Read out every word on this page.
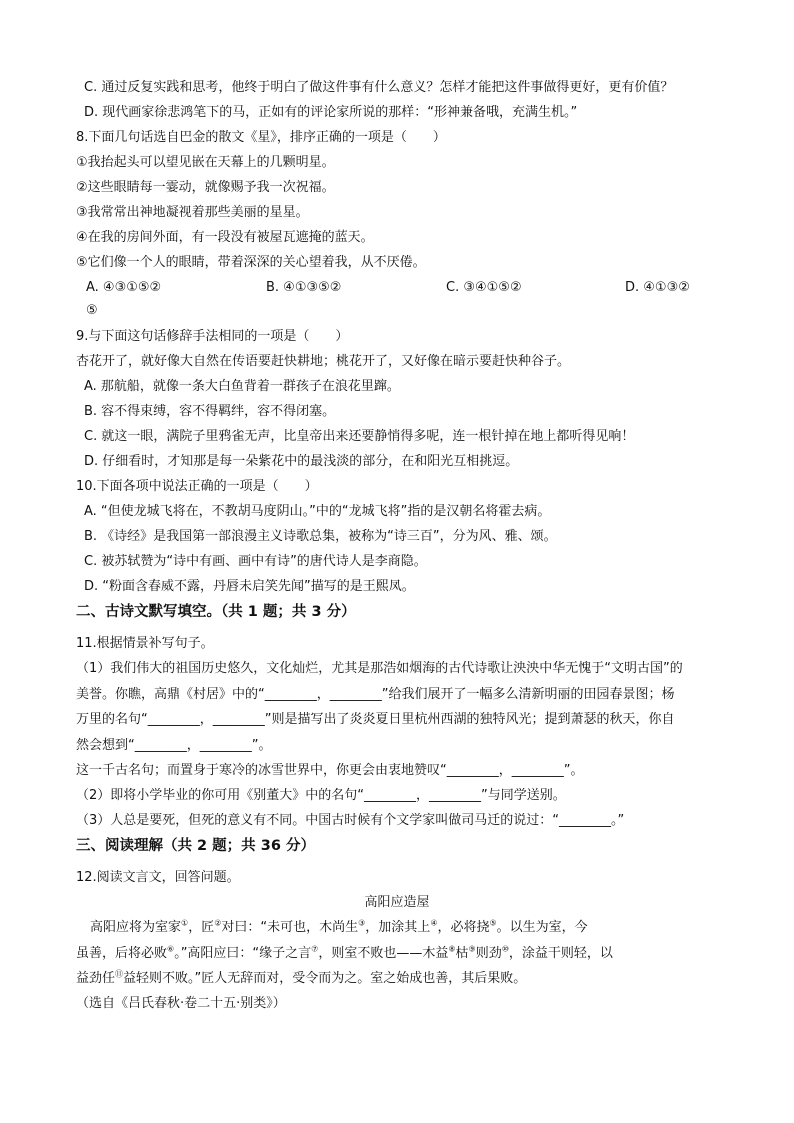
C. 通过反复实践和思考，他终于明白了做这件事有什么意义？怎样才能把这件事做得更好，更有价值？
D. 现代画家徐悲鸿笔下的马，正如有的评论家所说的那样：“形神兼备哦，充满生机。”
8.下面几句话选自巴金的散文《星》，排序正确的一项是（　　）
①我抬起头可以望见嵌在天幕上的几颗明星。
②这些眼睛每一霎动，就像赐予我一次祝福。
③我常常出神地凝视着那些美丽的星星。
④在我的房间外面，有一段没有被屋瓦遮掩的蓝天。
⑤它们像一个人的眼睛，带着深深的关心望着我，从不厌倦。
A. ④③①⑤②	B. ④①③⑤②	C. ③④①⑤②	D. ④①③②
⑤
9.与下面这句话修辞手法相同的一项是（　　）
杏花开了，就好像大自然在传语要赶快耕地；桃花开了，又好像在暗示要赶快种谷子。
A. 那航船，就像一条大白鱼背着一群孩子在浪花里蹿。
B. 容不得束缚，容不得羁绊，容不得闭塞。
C. 就这一眼，满院子里鸦雀无声，比皇帝出来还要静悄得多呢，连一根针掉在地上都听得见响！
D. 仔细看时，才知那是每一朵紫花中的最浅淡的部分，在和阳光互相挑逗。
10.下面各项中说法正确的一项是（　　）
A. “但使龙城飞将在，不教胡马度阴山。”中的“龙城飞将”指的是汉朝名将霍去病。
B. 《诗经》是我国第一部浪漫主义诗歌总集，被称为“诗三百”，分为风、雅、颂。
C. 被苏轼赞为“诗中有画、画中有诗”的唐代诗人是李商隐。
D. “粉面含春威不露，丹唇未启笑先闻”描写的是王熙凤。
二、古诗文默写填空。（共 1 题；共 3 分）
11.根据情景补写句子。
（1）我们伟大的祖国历史悠久，文化灿烂，尤其是那浩如烟海的古代诗歌让泱泱中华无愧于“文明古国”的
美誉。你瞧，高鼎《村居》中的“________，________”给我们展开了一幅多么清新明丽的田园春景图；杨
万里的名句“________，________”则是描写出了炎炎夏日里杭州西湖的独特风光；提到萧瑟的秋天，你自
然会想到“________，________”。
这一千古名句；而置身于寒冷的冰雪世界中，你更会由衷地赞叹“________，________”。
（2）即将小学毕业的你可用《别董大》中的名句“________，________”与同学送别。
（3）人总是要死，但死的意义有不同。中国古时候有个文学家叫做司马迁的说过：“________。”
三、阅读理解（共 2 题；共 36 分）
12.阅读文言文，回答问题。
高阳应造屋
高阳应将为室家①，匠②对曰：“未可也，木尚生③，加涂其上④，必将挠⑤。以生为室，今
虽善，后将必败⑥。”高阳应曰：“缘子之言⑦，则室不败也——木益⑧枯⑨则劲⑩，涂益干则轻，以
益劲任⑪益轻则不败。”匠人无辞而对，受令而为之。室之始成也善，其后果败。
（选自《吕氏春秋·卷二十五·别类》）
